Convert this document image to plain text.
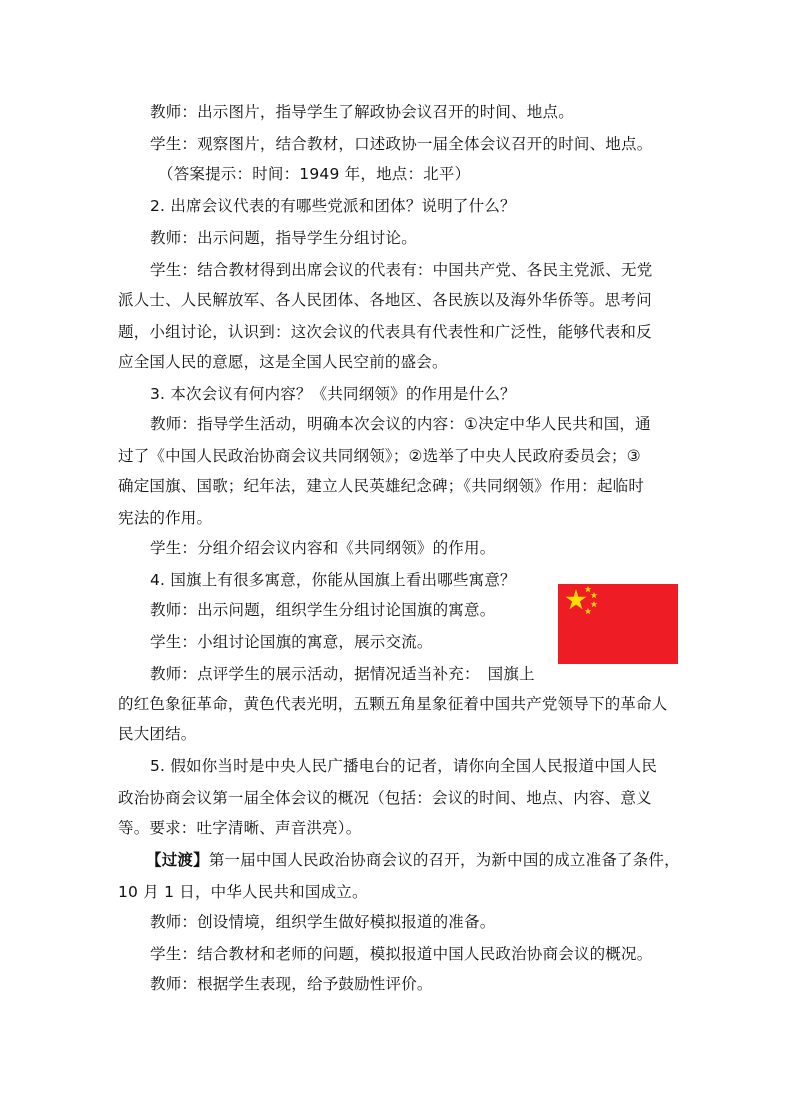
教师：出示图片，指导学生了解政协会议召开的时间、地点。
学生：观察图片，结合教材，口述政协一届全体会议召开的时间、地点。
（答案提示：时间：1949 年，地点：北平）
2. 出席会议代表的有哪些党派和团体？说明了什么？
教师：出示问题，指导学生分组讨论。
学生：结合教材得到出席会议的代表有：中国共产党、各民主党派、无党
派人士、人民解放军、各人民团体、各地区、各民族以及海外华侨等。思考问
题，小组讨论，认识到：这次会议的代表具有代表性和广泛性，能够代表和反
应全国人民的意愿，这是全国人民空前的盛会。
3. 本次会议有何内容？《共同纲领》的作用是什么？
教师：指导学生活动，明确本次会议的内容：①决定中华人民共和国，通
过了《中国人民政治协商会议共同纲领》；②选举了中央人民政府委员会；③
确定国旗、国歌；纪年法，建立人民英雄纪念碑；《共同纲领》作用：起临时
宪法的作用。
学生：分组介绍会议内容和《共同纲领》的作用。
4. 国旗上有很多寓意，你能从国旗上看出哪些寓意？
教师：出示问题，组织学生分组讨论国旗的寓意。
学生：小组讨论国旗的寓意，展示交流。
教师：点评学生的展示活动，据情况适当补充：　国旗上
的红色象征革命，黄色代表光明，五颗五角星象征着中国共产党领导下的革命人
民大团结。
5. 假如你当时是中央人民广播电台的记者，请你向全国人民报道中国人民
政治协商会议第一届全体会议的概况（包括：会议的时间、地点、内容、意义
等。要求：吐字清晰、声音洪亮）。
【过渡】第一届中国人民政治协商会议的召开，为新中国的成立准备了条件，
10 月 1 日，中华人民共和国成立。
教师：创设情境，组织学生做好模拟报道的准备。
学生：结合教材和老师的问题，模拟报道中国人民政治协商会议的概况。
教师：根据学生表现，给予鼓励性评价。
